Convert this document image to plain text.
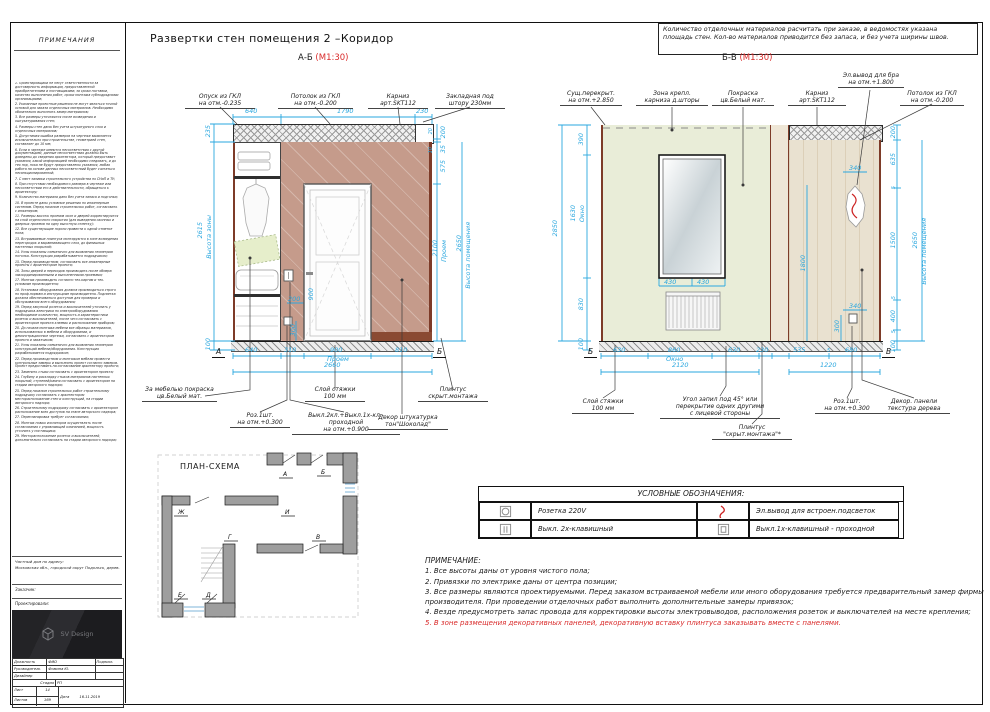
ПРИМЕЧАНИЯ
1. Проектировщики не несут ответственности за достоверность информации, предоставленной приобретателями и поставщиками; за сроки поставки, качество выполнения работ, сроки монтажа субподрядными организациями;
2. Указанные проектные решения не могут являться точной основой для заказа отделочных материалов. Необходимо обязательно выполнять замер материалов;
3. Все размеры уточняются после возведения и оштукатуривания стен;
4. Размеры стен даны без учета штукатурного слоя и отделочных материалов;
5. Допустимая ошибка размеров на чертеже выявляется исключительно при строительстве, геометрией стен, составляет до 10 мм;
6. Если в чертеже имеются несоответствия с другой документацией, данные несоответствия должны быть доведены до сведения архитектора, который предоставит указания, какой информацией необходимо следовать, и до тех пор, пока не будут предоставлены указания, любая работа на основе данных несоответствий будет считаться несанкционированной;
7. С мест заливки строительного устройства по СНиП и ТУ;
8. При отсутствии необходимого размера в чертеже или несоответствии его в действительности, обращаться к архитектору;
9. Количество материала дано без учета запаса и подгонки;
10. В проекте даны условные решения по инженерным системам. Перед началом строительных работ, согласовать с инженером;
11. Размеры высоты проемов окон и дверей корректируются на слой отделочного покрытия (для выведения оконных и дверных проемов на одну высотную отметку);
12. Все существующие пороги привести к одной отметке пола;
13. Встраиваемые плинтуса монтируются в зоне возведения перегородок и выравнивающего слоя, до финишных настенных покрытий;
14. Узлы показаны схематично для выявления геометрии потолка. Конструкция разрабатывается подрядчиком;
15. Перед производством, согласовать все инженерные проекты с архитектором проекта;
16. Зоны дверей и переходов производить после обмера закоординированными и выполненными проемами;
17. Монтаж производить согласно тех.картам и тех. условиям производителя;
18. Установка оборудования должна производиться строго по проф.нормам и инструкциям производителя. Подсветка должна обеспечиваться доступом для проверки и обслуживания всего оборудования;
19. Перед закупкой розеток и выключателей уточнить у подрядчика-электрика по электрооборудованию необходимое количество, мощность и характеристики розеток и выключателей, после чего согласовать с архитектором проекта клеммы и расположение приборов;
20. До начала монтажа мебели все образцы материалов, использованных в мебели и оборудовании, и демонстрационные чертежи, согласовать с архитектором проекта и заказчиком;
21. Узлы показаны схематично для выявления геометрии конструкций мебели/оборудования. Конструкция разрабатывается подрядчиком;
22. Перед производством и монтажом мебели провести контрольные замеры и выполнить проект согласно замеров. Проект предоставить на согласование архитектору проекта;
23. Заменить стыки согласовать с архитектором проекта;
24. Глубину и раскладку стыков материалов настенных покрытий, ступеней/камня согласовать с архитектором на стадии авторского надзора;
25. Перед началом строительных работ строительному подрядчику согласовать с архитектором месторасположение стен и конструкций, на стадии авторского надзора;
26. Строительному подрядчику согласовать с архитектором расположение всех доступов на этапе авторского надзора;
27. Перепланировка требует согласования;
28. Монтаж новых изоляторов осуществлять после согласования с управляющей компанией, мощность уточнить у поставщика;
29. Месторасположение розеток и выключателей, дополнительно согласовать на стадии авторского надзора;
Частный дом по адресу:
Московская обл., городской округ Подольск, дерев.
Заказчик:
Проектировали:
SV Design
Должность	ФИО	Подпись
Руководитель	Фомина Ю.
Дизайнер
Стадия РП
Лист	14
Листов	169
Дата	16.11.2019
Развертки стен помещения 2 –Коридор
Количество отделочных материалов расчитать при заказе, в ведомостях указана
площадь стен. Кол-во материалов приводится без запаса, и без учета ширины швов.
А-Б (М1:30)	Б-В (М1:30)
640	1790	230
235
2615 Высота зоны
100
20
10
200
35
575
2100 Проем 2650 Высота помещения
200 900
300
640	310	900
Проем
810
2660
А	Б
Опуск из ГКЛ
на отм.-0.235
Потолок из ГКЛ
на отм.-0.200
Карниз
арт.SKT112
Закладная под
штору 230мм
За мебелью покраска
цв.Белый мат.
Роз.1шт.
на отм.+0.300
Выкл.2кл.+Выкл.1х-кл.-проходной
на отм.+0.900
Слой стяжки
100 мм
Декор штукатурка
тон"Шоколад"
Плинтус
скрыт.монтажа
2850
390
1630 Окно
830
100
200
635
5
1500
5
400
5
100
2650 Высота помещения
340
1800
340
300
430	430
630	860
Окно
630 230	535	5 680
2120	1220
Б	В
Сущ.перекрыт.
на отм.+2.850
Зона крепл.
карниза д.шторы
Покраска
цв.Белый мат.
Карниз
арт.SKT112
Эл.вывод для бра
на отм.+1.800
Потолок из ГКЛ
на отм.-0.200
Слой стяжки
100 мм
Угол запил под 45° или
перекрытие одних другими
с лицевой стороны
Плинтус
"скрыт.монтажа"*
Роз.1шт.
на отм.+0.300
Декор. панели
текстура дерева
ПЛАН-СХЕМА
А	Б
И
Ж
Г	В
Е	Д
УСЛОВНЫЕ ОБОЗНАЧЕНИЯ:
Розетка 220V	Эл.вывод для встроен.подсветок
Выкл. 2х-клавишный	Выкл.1х-клавишный - проходной
ПРИМЕЧАНИЕ:
1. Все высоты даны от уровня чистого пола;
2. Привязки по электрике даны от центра позиции;
3. Все размеры являются проектируемыми. Перед заказом встраиваемой мебели или иного оборудования требуется предварительный замер фирмы производителя. При проведении отделочных работ выполнить дополнительные замеры привязок;
4. Везде предусмотреть запас провода для корректировки высоты электровыводов, расположения розеток и выключателей на месте крепления;
5. В зоне размещения декоративных панелей, декоративную вставку плинтуса заказывать вместе с панелями.
